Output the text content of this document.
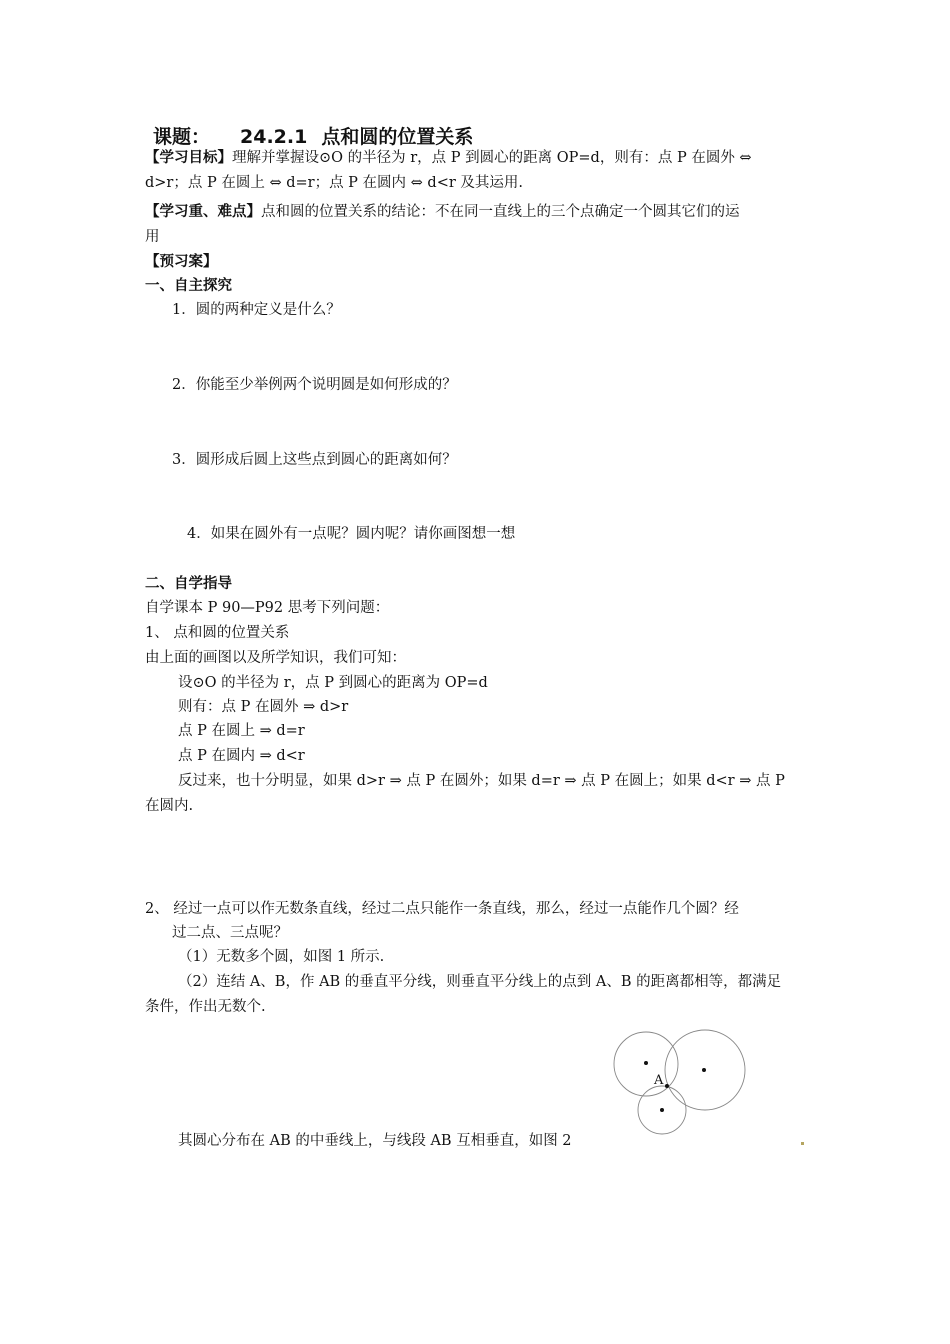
课题： 24.2.1 点和圆的位置关系
【学习目标】理解并掌握设⊙O 的半径为 r，点 P 到圆心的距离 OP=d，则有：点 P 在圆外 ⇔
d>r；点 P 在圆上 ⇔ d=r；点 P 在圆内 ⇔ d<r 及其运用.
【学习重、难点】点和圆的位置关系的结论：不在同一直线上的三个点确定一个圆其它们的运
用
【预习案】
一、自主探究
1．圆的两种定义是什么？
2．你能至少举例两个说明圆是如何形成的？
3．圆形成后圆上这些点到圆心的距离如何？
4．如果在圆外有一点呢？圆内呢？请你画图想一想
二、自学指导
自学课本 P 90—P92 思考下列问题：
1、 点和圆的位置关系
由上面的画图以及所学知识，我们可知：
设⊙O 的半径为 r，点 P 到圆心的距离为 OP=d
则有：点 P 在圆外 ⇒ d>r
点 P 在圆上 ⇒ d=r
点 P 在圆内 ⇒ d<r
反过来，也十分明显，如果 d>r ⇒ 点 P 在圆外；如果 d=r ⇒ 点 P 在圆上；如果 d<r ⇒ 点 P
在圆内.
2、 经过一点可以作无数条直线，经过二点只能作一条直线，那么，经过一点能作几个圆？经
过二点、三点呢？
（1）无数多个圆，如图 1 所示.
（2）连结 A、B，作 AB 的垂直平分线，则垂直平分线上的点到 A、B 的距离都相等，都满足
条件，作出无数个.
A
其圆心分布在 AB 的中垂线上，与线段 AB 互相垂直，如图 2
